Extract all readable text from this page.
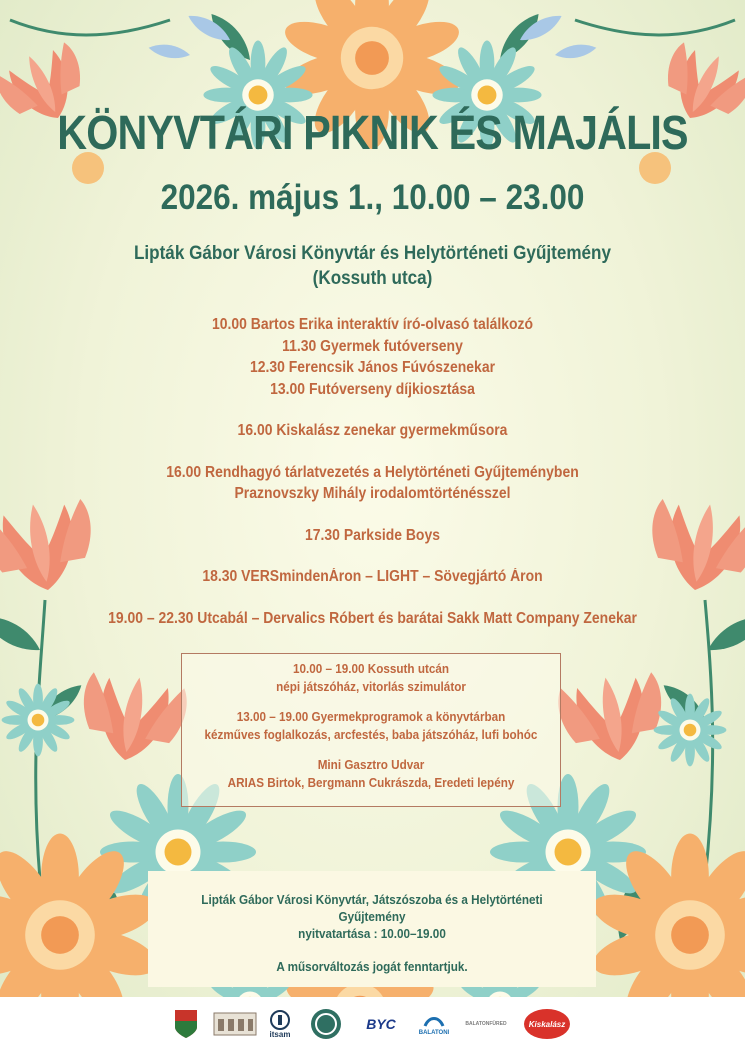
KÖNYVTÁRI PIKNIK ÉS MAJÁLIS
2026. május 1., 10.00 – 23.00
Lipták Gábor Városi Könyvtár és Helytörténeti Gyűjtemény
(Kossuth utca)
10.00 Bartos Erika interaktív író-olvasó találkozó
11.30 Gyermek futóverseny
12.30 Ferencsik János Fúvószenekar
13.00 Futóverseny díjkiosztása
16.00 Kiskalász zenekar gyermekműsora
16.00 Rendhagyó tárlatvezetés a Helytörténeti Gyűjteményben
Praznovszky Mihály irodalomtörténésszel
17.30 Parkside Boys
18.30 VERSmindenÁron – LIGHT – Sövegjártó Áron
19.00 – 22.30 Utcabál – Dervalics Róbert és barátai Sakk Matt Company Zenekar
10.00 – 19.00 Kossuth utcán
népi játszóház, vitorlás szimulátor
13.00 – 19.00 Gyermekprogramok a könyvtárban
kézműves foglalkozás, arcfestés, baba játszóház, lufi bohóc
Mini Gasztro Udvar
ARIAS Birtok, Bergmann Cukrászda, Eredeti lepény
Lipták Gábor Városi Könyvtár, Játszószoba és a Helytörténeti Gyűjtemény
nyitvatartása : 10.00–19.00
A műsorváltozás jogát fenntartjuk.
itsam
BYC
BALATONI
BALATONFÜRED	Kiskalász
